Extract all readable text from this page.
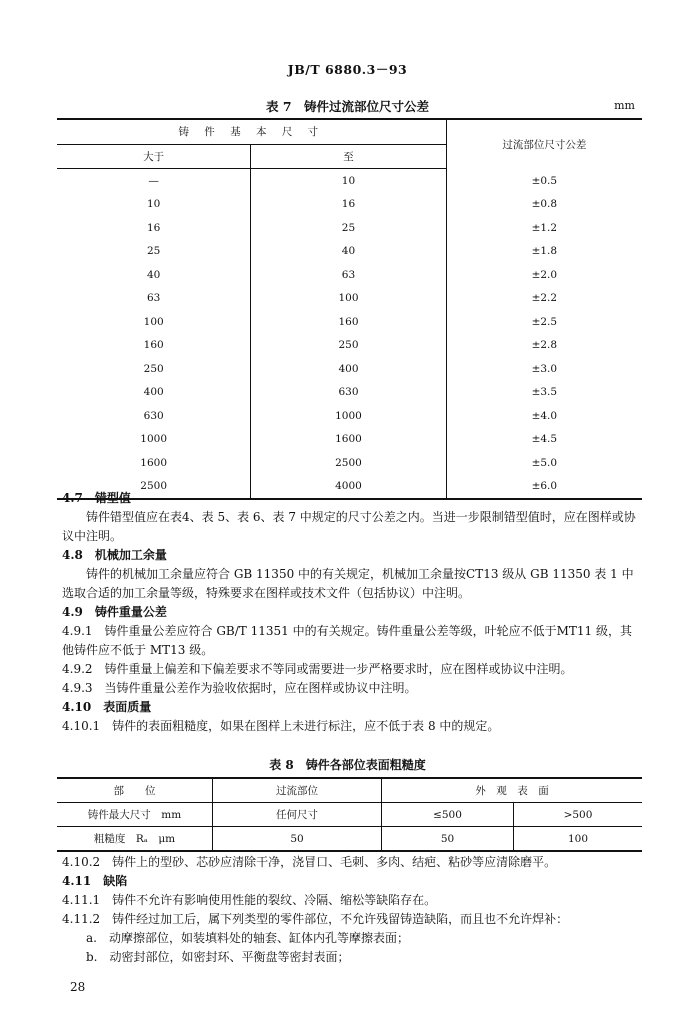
JB/T 6880.3－93
表 7　铸件过流部位尺寸公差	mm
铸 件 基 本 尺 寸		过流部位尺寸公差
大于	至	
—	10	±0.5
10	16	±0.8
16	25	±1.2
25	40	±1.8
40	63	±2.0
63	100	±2.2
100	160	±2.5
160	250	±2.8
250	400	±3.0
400	630	±3.5
630	1000	±4.0
1000	1600	±4.5
1600	2500	±5.0
2500	4000	±6.0

4.7　错型值

铸件错型值应在表4、表 5、表 6、表 7 中规定的尺寸公差之内。当进一步限制错型值时，应在图样或协议中注明。

4.8　机械加工余量

铸件的机械加工余量应符合 GB 11350 中的有关规定，机械加工余量按CT13 级从 GB 11350 表 1 中选取合适的加工余量等级，特殊要求在图样或技术文件（包括协议）中注明。

4.9　铸件重量公差

4.9.1　铸件重量公差应符合 GB/T 11351 中的有关规定。铸件重量公差等级，叶轮应不低于MT11 级，其他铸件应不低于 MT13 级。

4.9.2　铸件重量上偏差和下偏差要求不等同或需要进一步严格要求时，应在图样或协议中注明。

4.9.3　当铸件重量公差作为验收依据时，应在图样或协议中注明。

4.10　表面质量

4.10.1　铸件的表面粗糙度，如果在图样上未进行标注，应不低于表 8 中的规定。

表 8　铸件各部位表面粗糙度
部　　位	过流部位	外　观　表　面	
铸件最大尺寸　mm	任何尺寸	≤500	>500
粗糙度　Rₐ　μm	50	50	100

4.10.2　铸件上的型砂、芯砂应清除干净，浇冒口、毛刺、多肉、结疤、粘砂等应清除磨平。

4.11　缺陷

4.11.1　铸件不允许有影响使用性能的裂纹、冷隔、缩松等缺陷存在。

4.11.2　铸件经过加工后，属下列类型的零件部位，不允许残留铸造缺陷，而且也不允许焊补：

a.　动摩擦部位，如装填料处的轴套、缸体内孔等摩擦表面；

b.　动密封部位，如密封环、平衡盘等密封表面；

28
